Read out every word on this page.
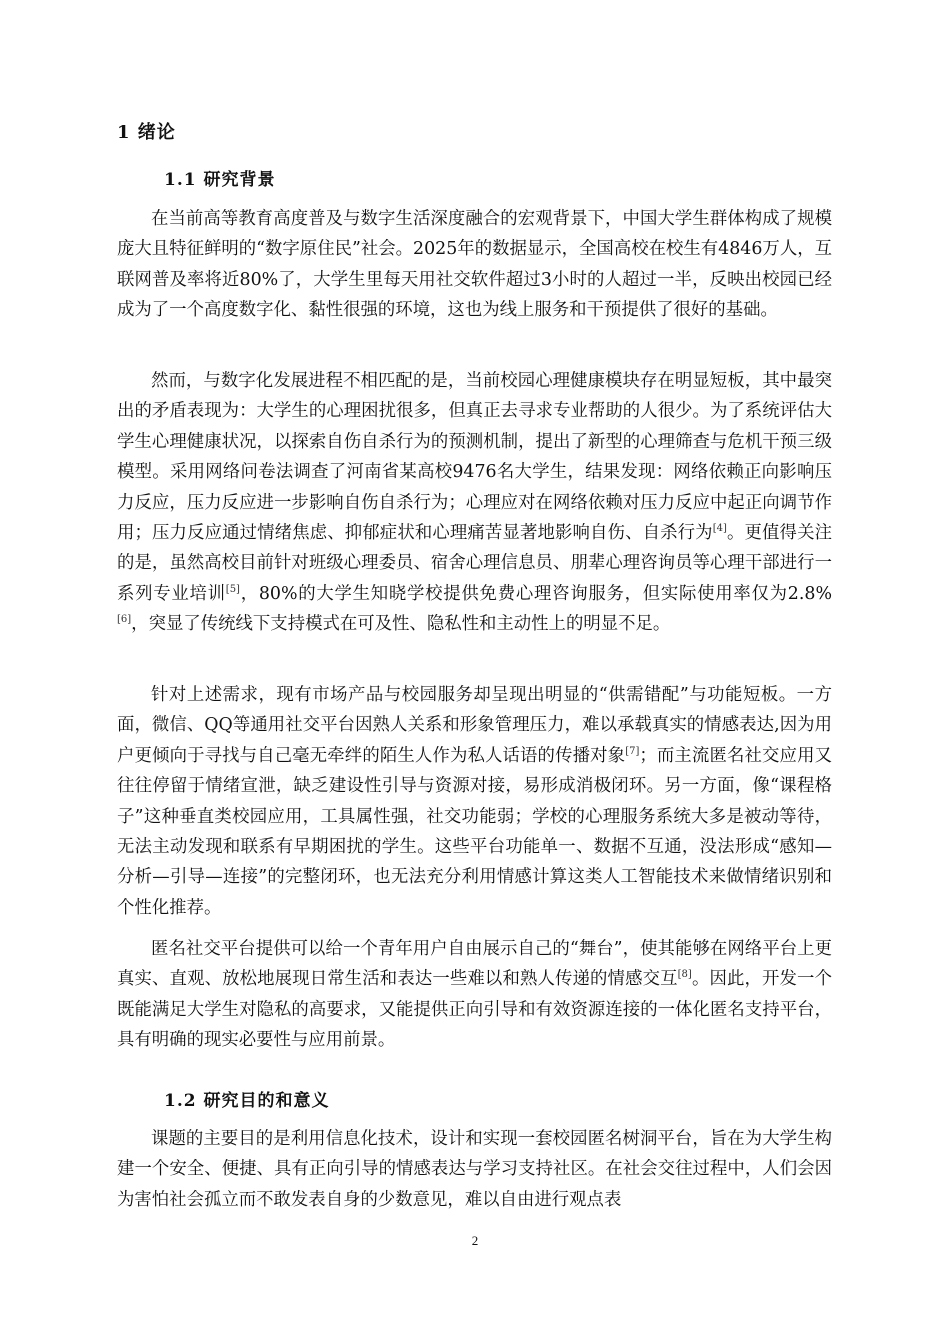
1 绪论
1.1 研究背景

在当前高等教育高度普及与数字生活深度融合的宏观背景下，中国大学生群体构成了规模庞大且特征鲜明的“数字原住民”社会。2025年的数据显示，全国高校在校生有4846万人，互联网普及率将近80%了，大学生里每天用社交软件超过3小时的人超过一半，反映出校园已经成为了一个高度数字化、黏性很强的环境，这也为线上服务和干预提供了很好的基础。

然而，与数字化发展进程不相匹配的是，当前校园心理健康模块存在明显短板，其中最突出的矛盾表现为：大学生的心理困扰很多，但真正去寻求专业帮助的人很少。为了系统评估大学生心理健康状况，以探索自伤自杀行为的预测机制，提出了新型的心理筛查与危机干预三级模型。采用网络问卷法调查了河南省某高校9476名大学生，结果发现：网络依赖正向影响压力反应，压力反应进一步影响自伤自杀行为；心理应对在网络依赖对压力反应中起正向调节作用；压力反应通过情绪焦虑、抑郁症状和心理痛苦显著地影响自伤、自杀行为[4]。更值得关注的是，虽然高校目前针对班级心理委员、宿舍心理信息员、朋辈心理咨询员等心理干部进行一系列专业培训[5]，80%的大学生知晓学校提供免费心理咨询服务，但实际使用率仅为2.8%[6]，突显了传统线下支持模式在可及性、隐私性和主动性上的明显不足。

针对上述需求，现有市场产品与校园服务却呈现出明显的“供需错配”与功能短板。一方面，微信、QQ等通用社交平台因熟人关系和形象管理压力，难以承载真实的情感表达,因为用户更倾向于寻找与自己毫无牵绊的陌生人作为私人话语的传播对象[7]；而主流匿名社交应用又往往停留于情绪宣泄，缺乏建设性引导与资源对接，易形成消极闭环。另一方面，像“课程格子”这种垂直类校园应用，工具属性强，社交功能弱；学校的心理服务系统大多是被动等待，无法主动发现和联系有早期困扰的学生。这些平台功能单一、数据不互通，没法形成“感知—分析—引导—连接”的完整闭环，也无法充分利用情感计算这类人工智能技术来做情绪识别和个性化推荐。

匿名社交平台提供可以给一个青年用户自由展示自己的“舞台”，使其能够在网络平台上更真实、直观、放松地展现日常生活和表达一些难以和熟人传递的情感交互[8]。因此，开发一个既能满足大学生对隐私的高要求，又能提供正向引导和有效资源连接的一体化匿名支持平台，具有明确的现实必要性与应用前景。

1.2 研究目的和意义

课题的主要目的是利用信息化技术，设计和实现一套校园匿名树洞平台，旨在为大学生构建一个安全、便捷、具有正向引导的情感表达与学习支持社区。在社会交往过程中，人们会因为害怕社会孤立而不敢发表自身的少数意见，难以自由进行观点表

2
